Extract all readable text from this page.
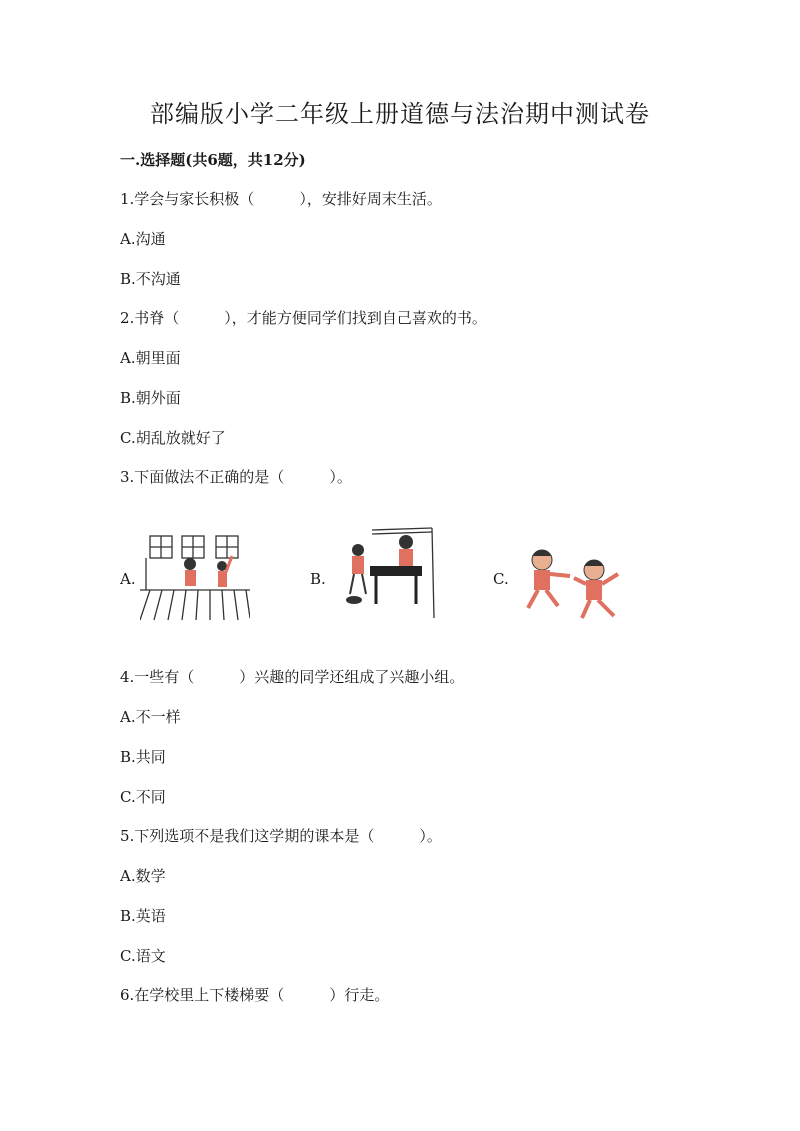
部编版小学二年级上册道德与法治期中测试卷
一.选择题(共6题，共12分)
1.学会与家长积极（　　　），安排好周末生活。
A.沟通
B.不沟通
2.书脊（　　　），才能方便同学们找到自己喜欢的书。
A.朝里面
B.朝外面
C.胡乱放就好了
3.下面做法不正确的是（　　　）。
A.	B.	C.
4.一些有（　　　）兴趣的同学还组成了兴趣小组。
A.不一样
B.共同
C.不同
5.下列选项不是我们这学期的课本是（　　　）。
A.数学
B.英语
C.语文
6.在学校里上下楼梯要（　　　）行走。
